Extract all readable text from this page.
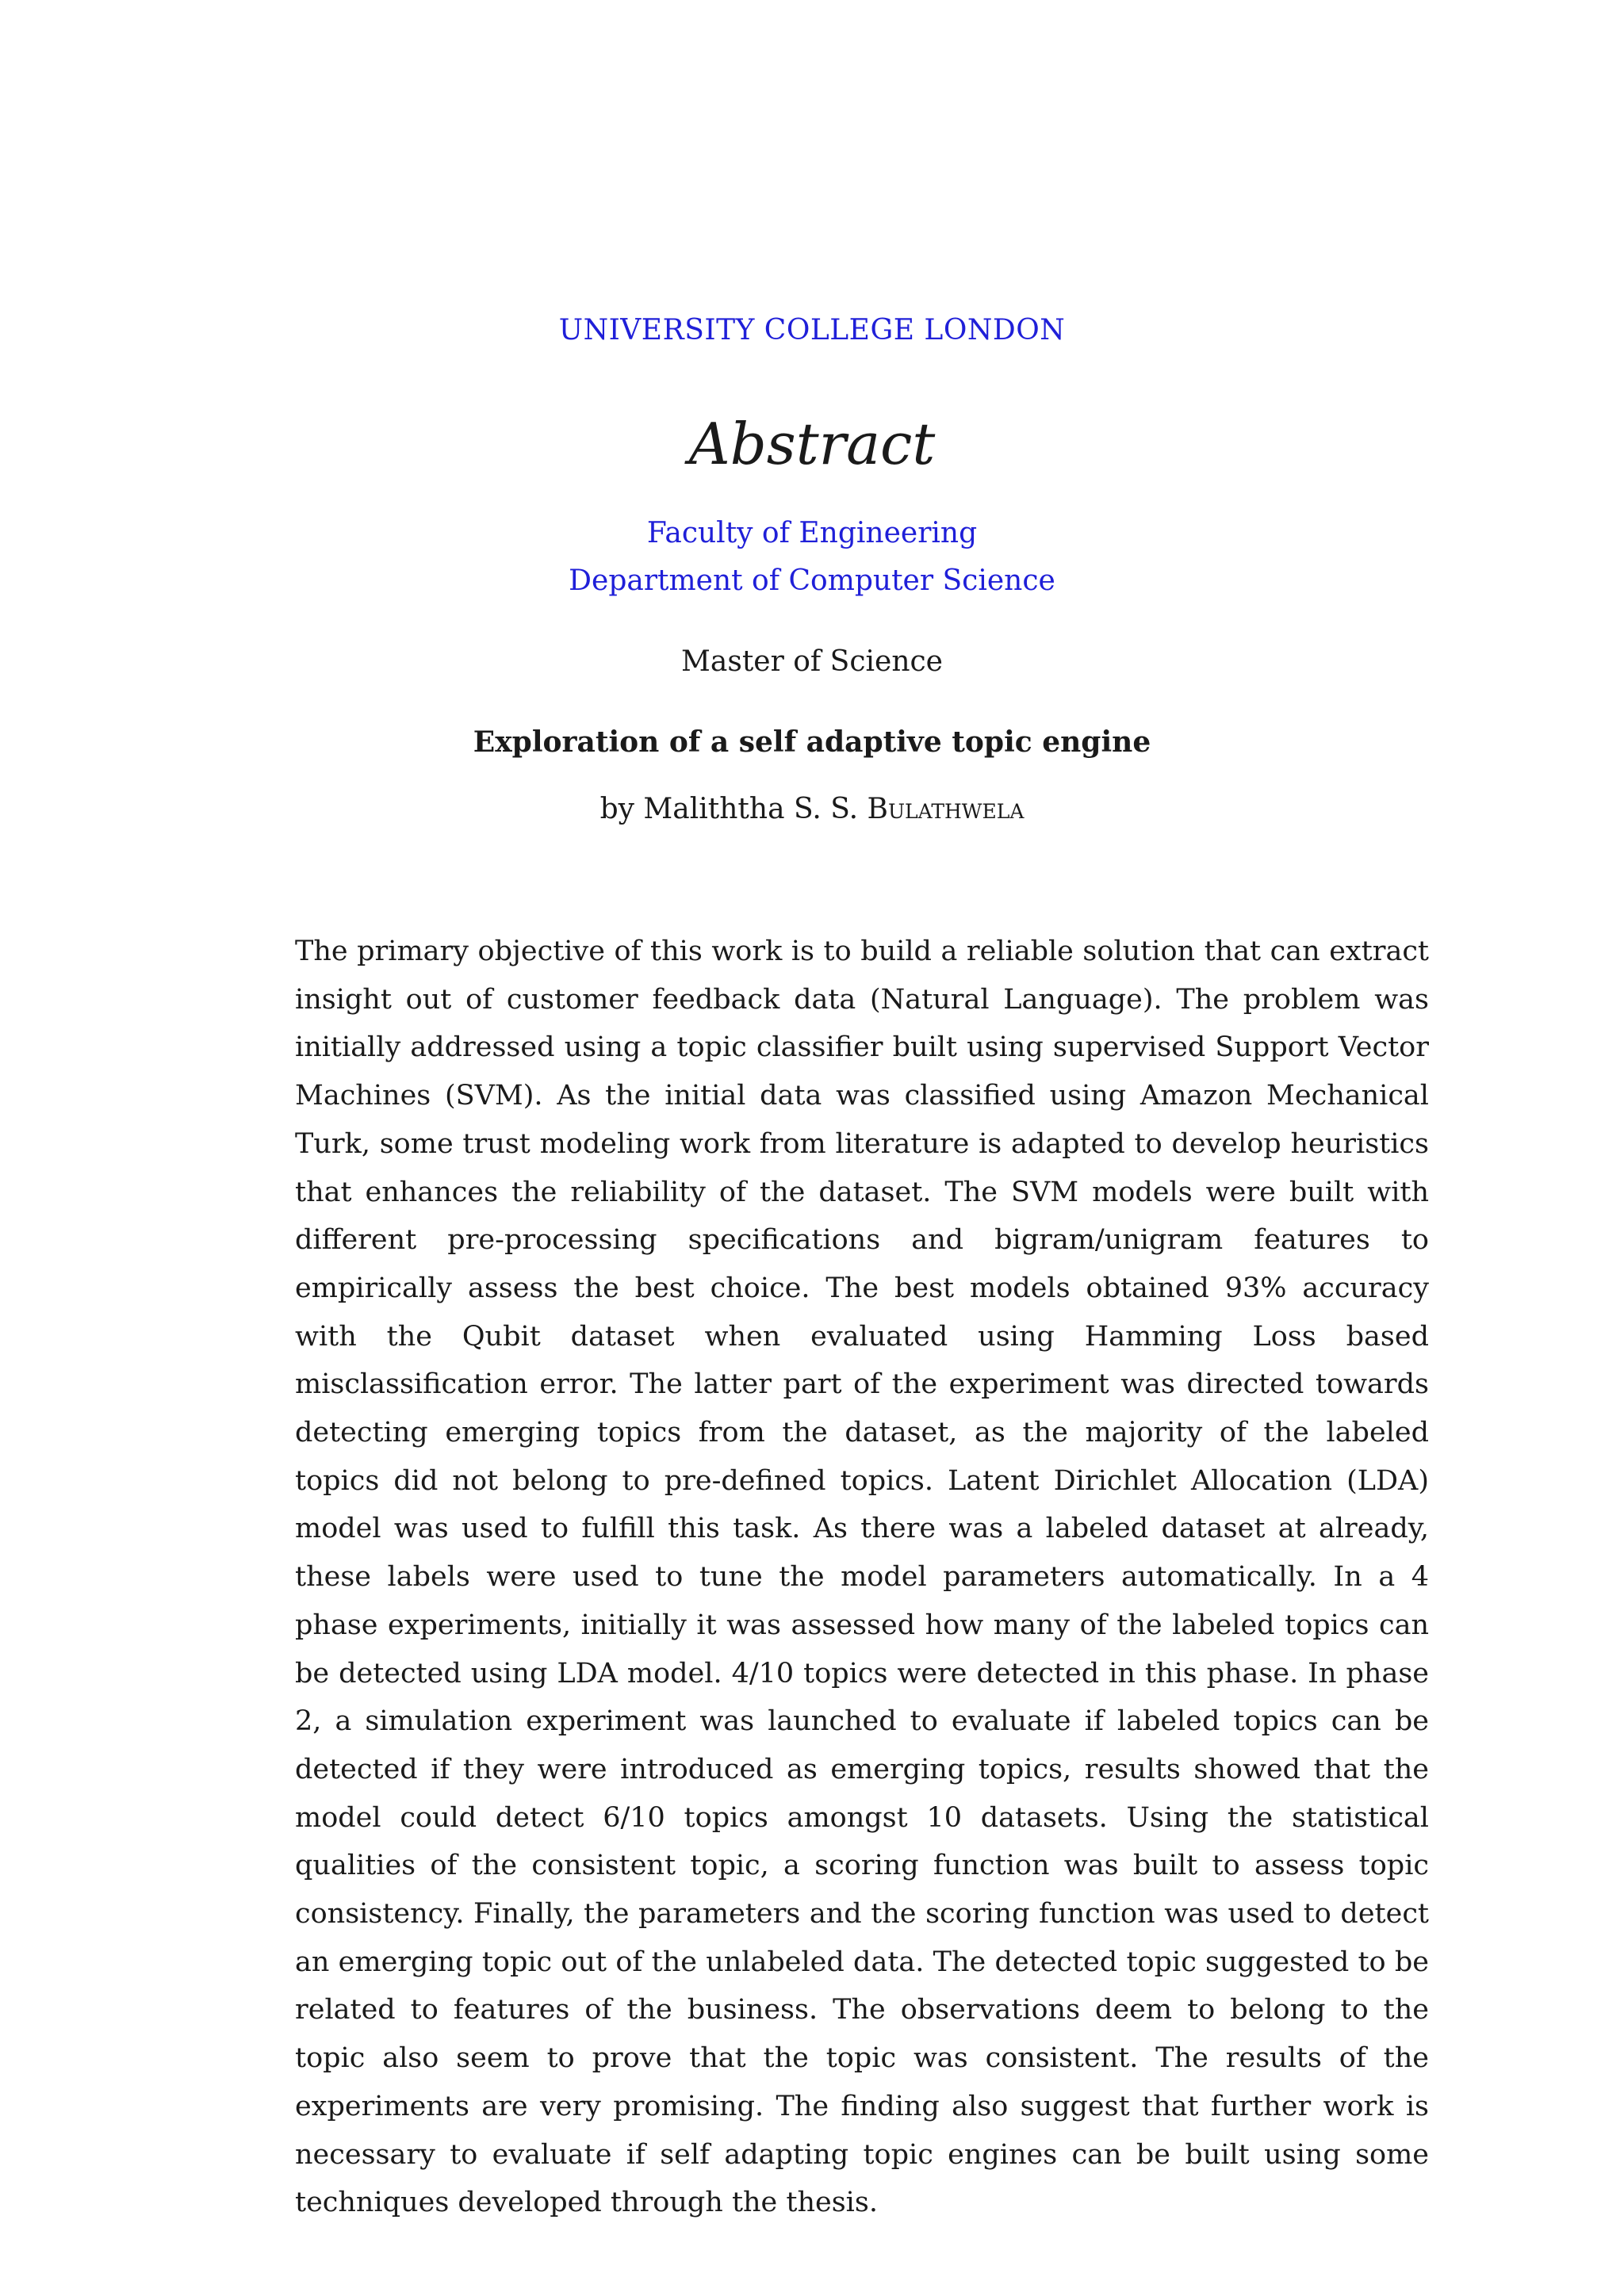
UNIVERSITY COLLEGE LONDON
Abstract
Faculty of Engineering
Department of Computer Science
Master of Science
Exploration of a self adaptive topic engine
by Maliththa S. S. Bulathwela
The primary objective of this work is to build a reliable solution that can extract insight out of customer feedback data (Natural Language). The problem was initially addressed using a topic classifier built using supervised Support Vector Machines (SVM). As the initial data was classified using Amazon Mechanical Turk, some trust modeling work from literature is adapted to develop heuristics that enhances the reliability of the dataset. The SVM models were built with different pre-processing specifications and bigram/unigram features to empirically assess the best choice. The best models obtained 93% accuracy with the Qubit dataset when evaluated using Hamming Loss based misclassification error. The latter part of the experiment was directed towards detecting emerging topics from the dataset, as the majority of the labeled topics did not belong to pre-defined topics. Latent Dirichlet Allocation (LDA) model was used to fulfill this task. As there was a labeled dataset at already, these labels were used to tune the model parameters automatically. In a 4 phase experiments, initially it was assessed how many of the labeled topics can be detected using LDA model. 4/10 topics were detected in this phase. In phase 2, a simulation experiment was launched to evaluate if labeled topics can be detected if they were introduced as emerging topics, results showed that the model could detect 6/10 topics amongst 10 datasets. Using the statistical qualities of the consistent topic, a scoring function was built to assess topic consistency. Finally, the parameters and the scoring function was used to detect an emerging topic out of the unlabeled data. The detected topic suggested to be related to features of the business. The observations deem to belong to the topic also seem to prove that the topic was consistent. The results of the experiments are very promising. The finding also suggest that further work is necessary to evaluate if self adapting topic engines can be built using some techniques developed through the thesis.
